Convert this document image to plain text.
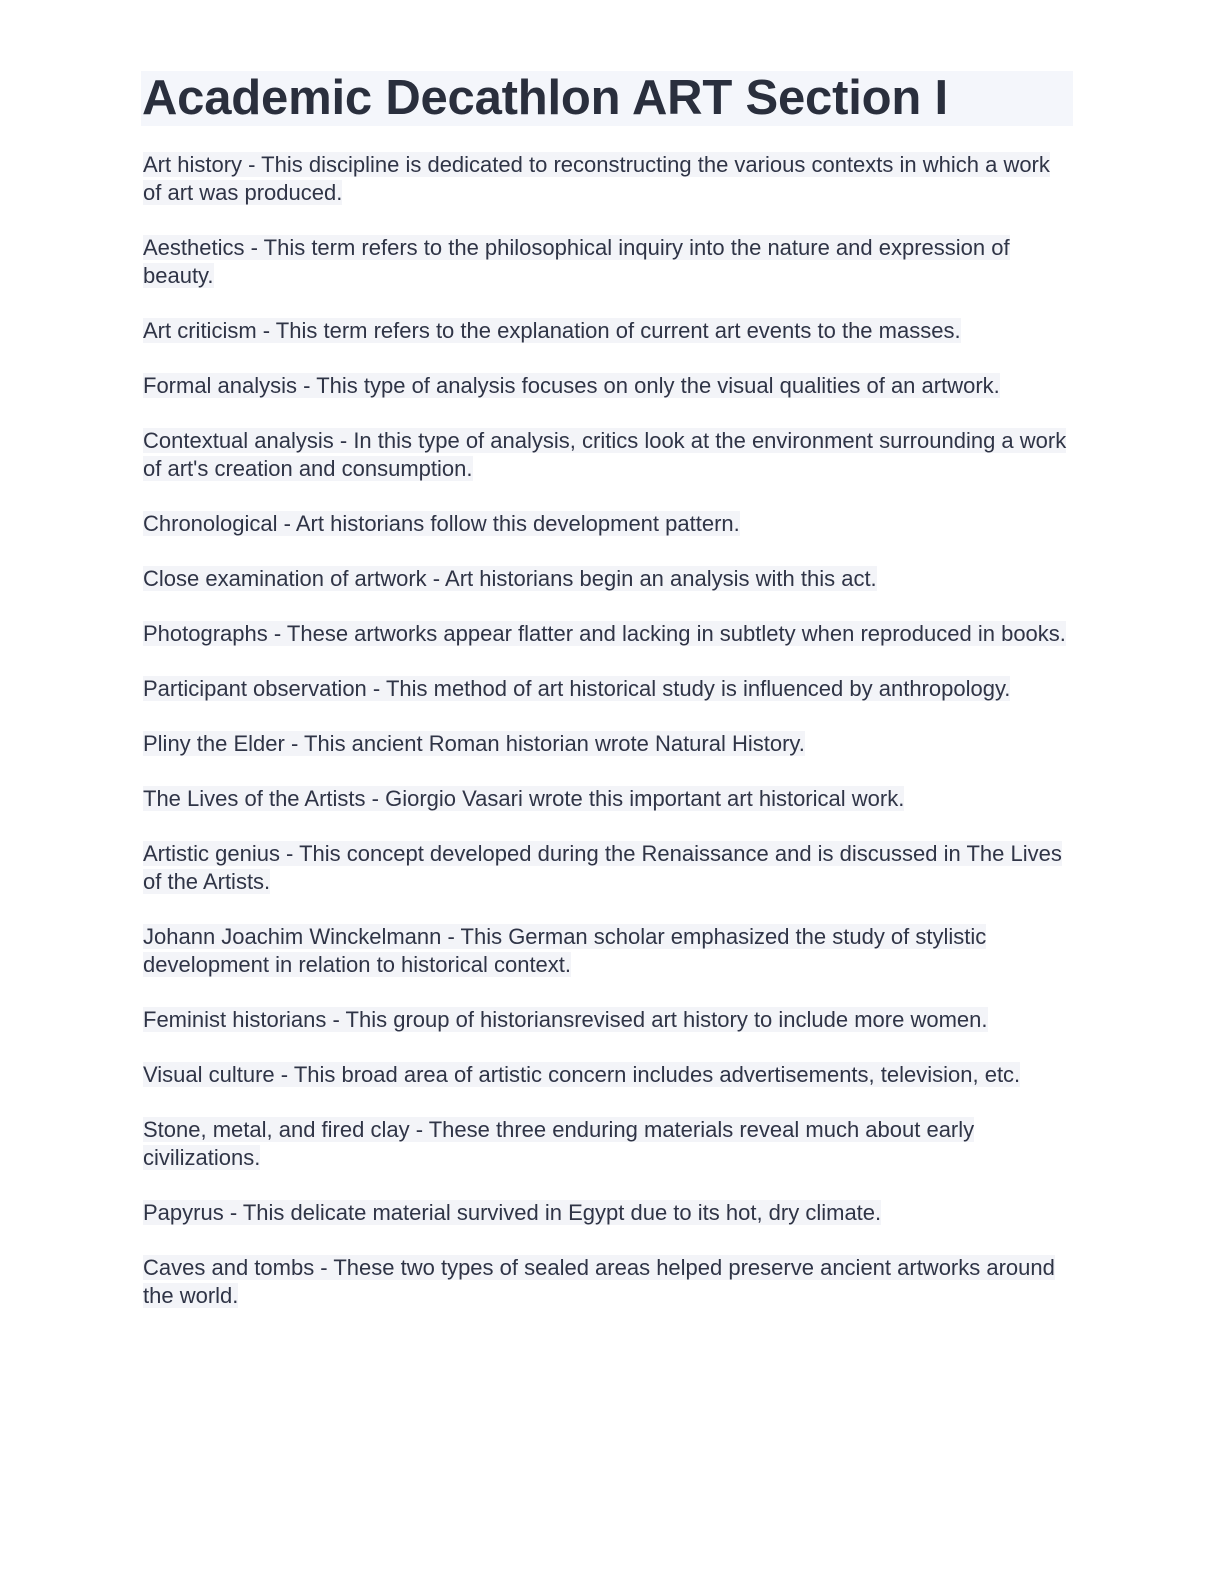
Academic Decathlon ART Section I

Art history - This discipline is dedicated to reconstructing the various contexts in which a work of art was produced.

Aesthetics - This term refers to the philosophical inquiry into the nature and expression of beauty.

Art criticism - This term refers to the explanation of current art events to the masses.

Formal analysis - This type of analysis focuses on only the visual qualities of an artwork.

Contextual analysis - In this type of analysis, critics look at the environment surrounding a work of art's creation and consumption.

Chronological - Art historians follow this development pattern.

Close examination of artwork - Art historians begin an analysis with this act.

Photographs - These artworks appear flatter and lacking in subtlety when reproduced in books.

Participant observation - This method of art historical study is influenced by anthropology.

Pliny the Elder - This ancient Roman historian wrote Natural History.

The Lives of the Artists - Giorgio Vasari wrote this important art historical work.

Artistic genius - This concept developed during the Renaissance and is discussed in The Lives of the Artists.

Johann Joachim Winckelmann - This German scholar emphasized the study of stylistic development in relation to historical context.

Feminist historians - This group of historiansrevised art history to include more women.

Visual culture - This broad area of artistic concern includes advertisements, television, etc.

Stone, metal, and fired clay - These three enduring materials reveal much about early civilizations.

Papyrus - This delicate material survived in Egypt due to its hot, dry climate.

Caves and tombs - These two types of sealed areas helped preserve ancient artworks around the world.
